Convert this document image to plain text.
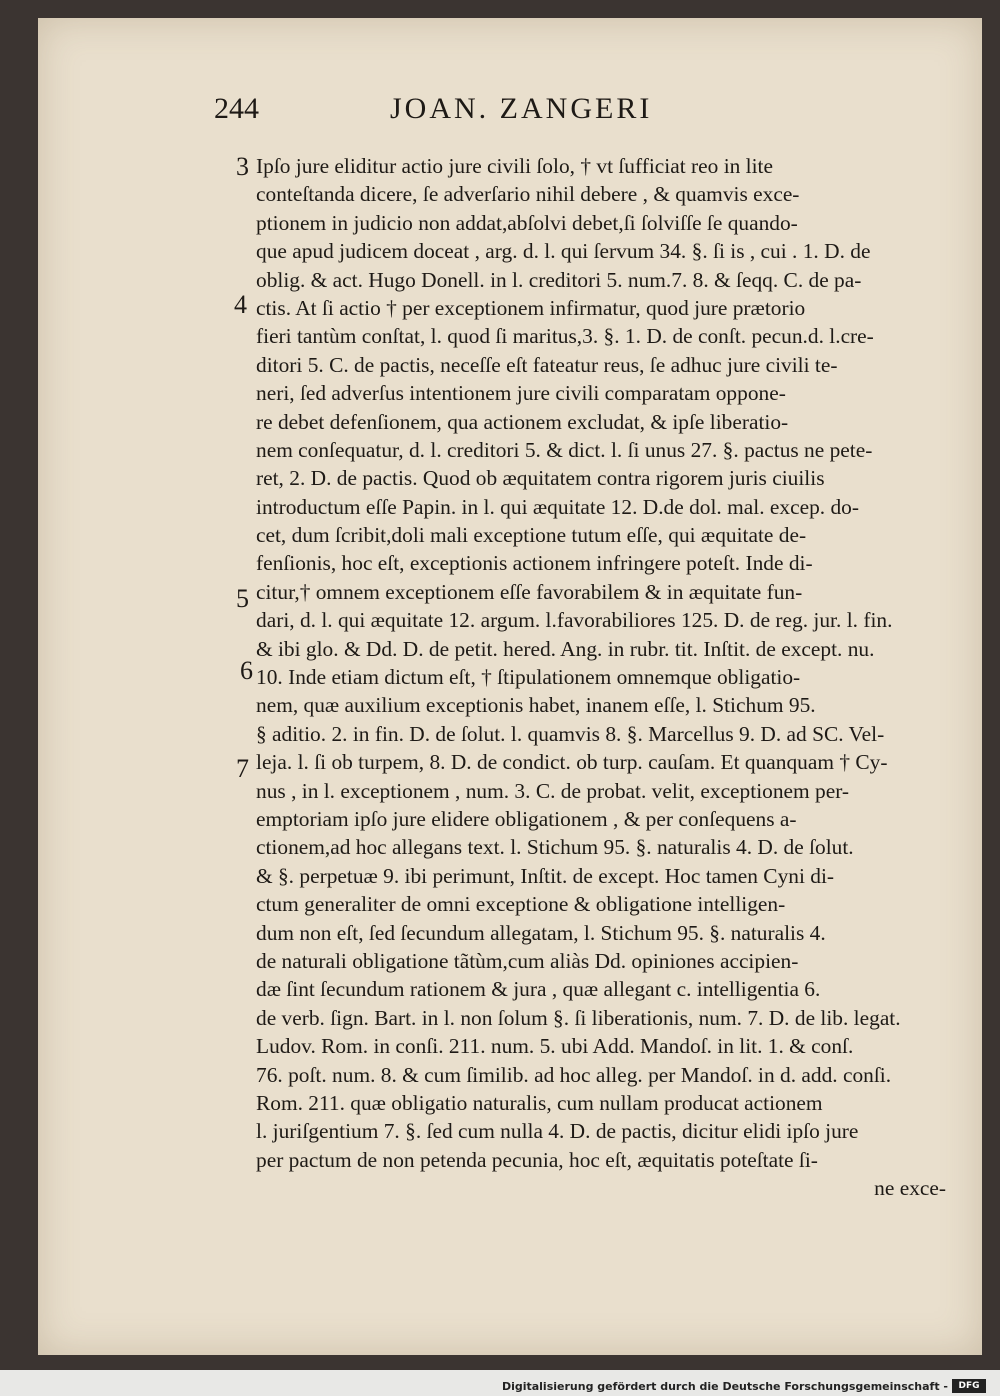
244	JOAN. ZANGERI
3
4
5
6
7
Ipſo jure eliditur actio jure civili ſolo, † vt ſufficiat reo in lite
conteſtanda dicere, ſe adverſario nihil debere , & quamvis exce-
ptionem in judicio non addat,abſolvi debet,ſi ſolviſſe ſe quando-
que apud judicem doceat , arg. d. l. qui ſervum 34. §. ſi is , cui . 1. D. de
oblig. & act. Hugo Donell. in l. creditori 5. num.7. 8. & ſeqq. C. de pa-
ctis. At ſi actio † per exceptionem infirmatur, quod jure prætorio
fieri tantùm conſtat, l. quod ſi maritus,3. §. 1. D. de conſt. pecun.d. l.cre-
ditori 5. C. de pactis, neceſſe eſt fateatur reus, ſe adhuc jure civili te-
neri, ſed adverſus intentionem jure civili comparatam oppone-
re debet defenſionem, qua actionem excludat, & ipſe liberatio-
nem conſequatur, d. l. creditori 5. & dict. l. ſi unus 27. §. pactus ne pete-
ret, 2. D. de pactis. Quod ob æquitatem contra rigorem juris ciuilis
introductum eſſe Papin. in l. qui æquitate 12. D.de dol. mal. excep. do-
cet, dum ſcribit,doli mali exceptione tutum eſſe, qui æquitate de-
fenſionis, hoc eſt, exceptionis actionem infringere poteſt. Inde di-
citur,† omnem exceptionem eſſe favorabilem & in æquitate fun-
dari, d. l. qui æquitate 12. argum. l.favorabiliores 125. D. de reg. jur. l. fin.
& ibi glo. & Dd. D. de petit. hered. Ang. in rubr. tit. Inſtit. de except. nu.
10. Inde etiam dictum eſt, † ſtipulationem omnemque obligatio-
nem, quæ auxilium exceptionis habet, inanem eſſe, l. Stichum 95.
§ aditio. 2. in fin. D. de ſolut. l. quamvis 8. §. Marcellus 9. D. ad SC. Vel-
leja. l. ſi ob turpem, 8. D. de condict. ob turp. cauſam. Et quanquam † Cy-
nus , in l. exceptionem , num. 3. C. de probat. velit, exceptionem per-
emptoriam ipſo jure elidere obligationem , & per conſequens a-
ctionem,ad hoc allegans text. l. Stichum 95. §. naturalis 4. D. de ſolut.
& §. perpetuæ 9. ibi perimunt, Inſtit. de except. Hoc tamen Cyni di-
ctum generaliter de omni exceptione & obligatione intelligen-
dum non eſt, ſed ſecundum allegatam, l. Stichum 95. §. naturalis 4.
de naturali obligatione tãtùm,cum aliàs Dd. opiniones accipien-
dæ ſint ſecundum rationem & jura , quæ allegant c. intelligentia 6.
de verb. ſign. Bart. in l. non ſolum §. ſi liberationis, num. 7. D. de lib. legat.
Ludov. Rom. in conſi. 211. num. 5. ubi Add. Mandoſ. in lit. 1. & conſ.
76. poſt. num. 8. & cum ſimilib. ad hoc alleg. per Mandoſ. in d. add. conſi.
Rom. 211. quæ obligatio naturalis, cum nullam producat actionem
l. juriſgentium 7. §. ſed cum nulla 4. D. de pactis, dicitur elidi ipſo jure
per pactum de non petenda pecunia, hoc eſt, æquitatis poteſtate ſi-
ne exce-
Digitalisierung gefördert durch die Deutsche Forschungsgemeinschaft -	DFG
